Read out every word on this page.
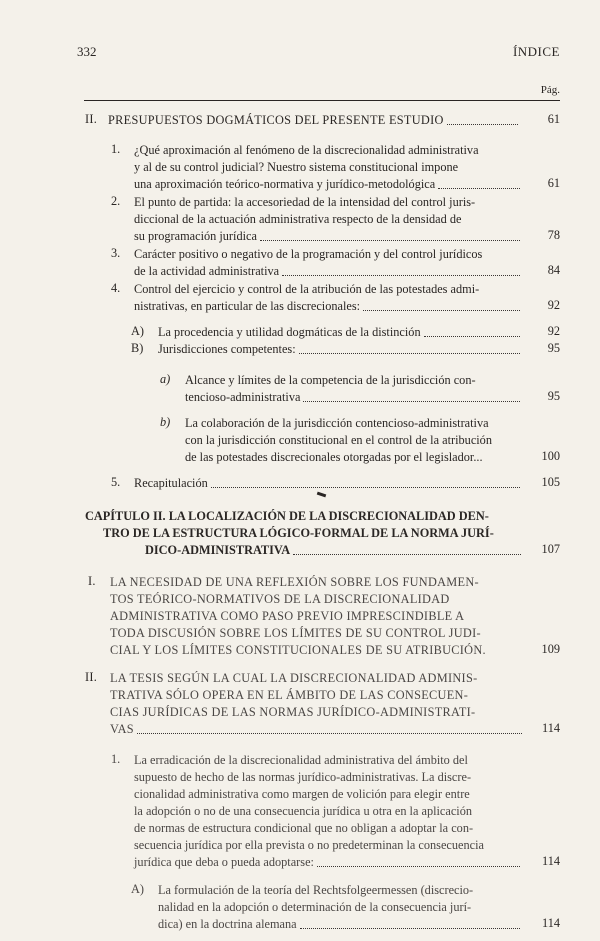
332	ÍNDICE
Pág.
II. PRESUPUESTOS DOGMÁTICOS DEL PRESENTE ESTUDIO	61
1. ¿Qué aproximación al fenómeno de la discrecionalidad administrativa
y al de su control judicial? Nuestro sistema constitucional impone
una aproximación teórico-normativa y jurídico-metodológica	61
2. El punto de partida: la accesoriedad de la intensidad del control juris-
diccional de la actuación administrativa respecto de la densidad de
su programación jurídica	78
3. Carácter positivo o negativo de la programación y del control jurídicos
de la actividad administrativa	84
4. Control del ejercicio y control de la atribución de las potestades admi-
nistrativas, en particular de las discrecionales:	92
A) La procedencia y utilidad dogmáticas de la distinción	92
B) Jurisdicciones competentes:	95
a) Alcance y límites de la competencia de la jurisdicción con-
tencioso-administrativa	95
b) La colaboración de la jurisdicción contencioso-administrativa
con la jurisdicción constitucional en el control de la atribución
de las potestades discrecionales otorgadas por el legislador...	100
5. Recapitulación	105
CAPÍTULO II. LA LOCALIZACIÓN DE LA DISCRECIONALIDAD DEN-
TRO DE LA ESTRUCTURA LÓGICO-FORMAL DE LA NORMA JURÍ-
DICO-ADMINISTRATIVA	107
I. LA NECESIDAD DE UNA REFLEXIÓN SOBRE LOS FUNDAMEN-
TOS TEÓRICO-NORMATIVOS DE LA DISCRECIONALIDAD
ADMINISTRATIVA COMO PASO PREVIO IMPRESCINDIBLE A
TODA DISCUSIÓN SOBRE LOS LÍMITES DE SU CONTROL JUDI-
CIAL Y LOS LÍMITES CONSTITUCIONALES DE SU ATRIBUCIÓN.	109
II. LA TESIS SEGÚN LA CUAL LA DISCRECIONALIDAD ADMINIS-
TRATIVA SÓLO OPERA EN EL ÁMBITO DE LAS CONSECUEN-
CIAS JURÍDICAS DE LAS NORMAS JURÍDICO-ADMINISTRATI-
VAS	114
1. La erradicación de la discrecionalidad administrativa del ámbito del
supuesto de hecho de las normas jurídico-administrativas. La discre-
cionalidad administrativa como margen de volición para elegir entre
la adopción o no de una consecuencia jurídica u otra en la aplicación
de normas de estructura condicional que no obligan a adoptar la con-
secuencia jurídica por ella prevista o no predeterminan la consecuencia
jurídica que deba o pueda adoptarse:	114
A) La formulación de la teoría del Rechtsfolgeermessen (discrecio-
nalidad en la adopción o determinación de la consecuencia jurí-
dica) en la doctrina alemana	114
